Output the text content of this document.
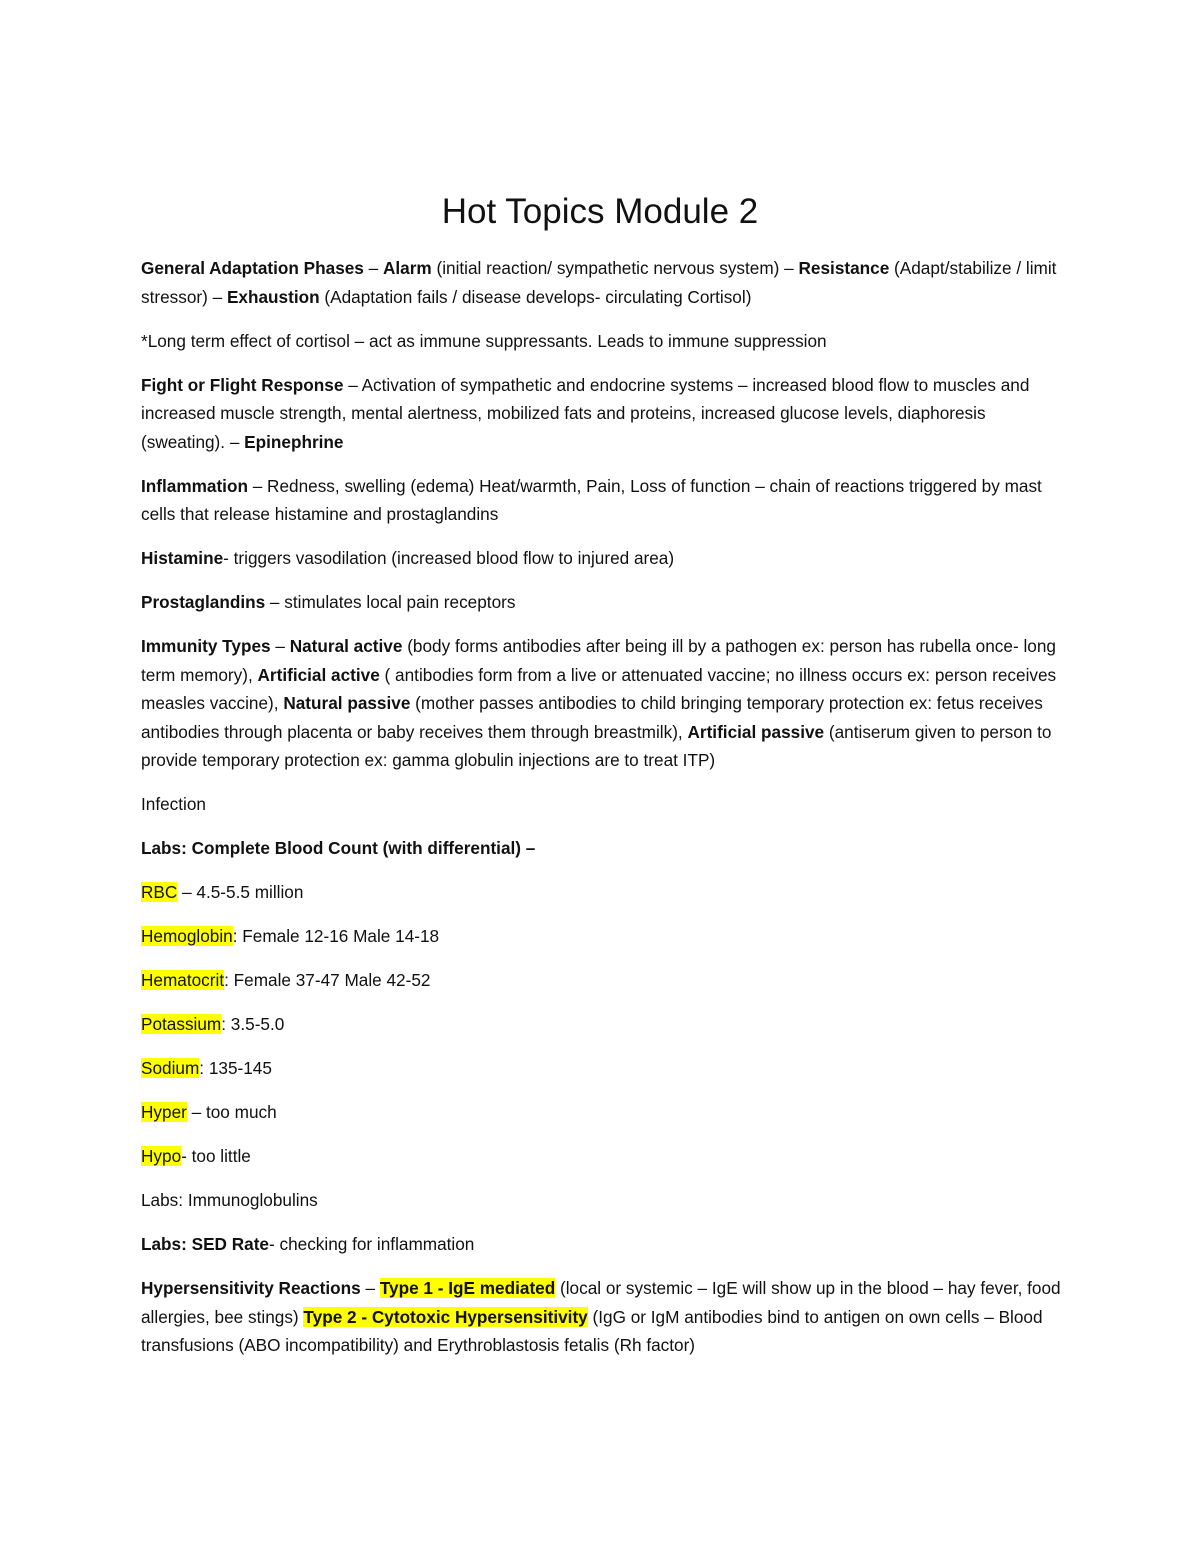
Hot Topics Module 2

General Adaptation Phases – Alarm (initial reaction/ sympathetic nervous system) – Resistance (Adapt/stabilize / limit stressor) – Exhaustion (Adaptation fails / disease develops- circulating Cortisol)

*Long term effect of cortisol – act as immune suppressants. Leads to immune suppression

Fight or Flight Response – Activation of sympathetic and endocrine systems – increased blood flow to muscles and increased muscle strength, mental alertness, mobilized fats and proteins, increased glucose levels, diaphoresis (sweating). – Epinephrine

Inflammation – Redness, swelling (edema) Heat/warmth, Pain, Loss of function – chain of reactions triggered by mast cells that release histamine and prostaglandins

Histamine- triggers vasodilation (increased blood flow to injured area)

Prostaglandins – stimulates local pain receptors

Immunity Types – Natural active (body forms antibodies after being ill by a pathogen ex: person has rubella once- long term memory), Artificial active ( antibodies form from a live or attenuated vaccine; no illness occurs ex: person receives measles vaccine), Natural passive (mother passes antibodies to child bringing temporary protection ex: fetus receives antibodies through placenta or baby receives them through breastmilk), Artificial passive (antiserum given to person to provide temporary protection ex: gamma globulin injections are to treat ITP)

Infection

Labs: Complete Blood Count (with differential) –

RBC – 4.5-5.5 million

Hemoglobin: Female 12-16 Male 14-18

Hematocrit: Female 37-47 Male 42-52

Potassium: 3.5-5.0

Sodium: 135-145

Hyper – too much

Hypo- too little

Labs: Immunoglobulins

Labs: SED Rate- checking for inflammation

Hypersensitivity Reactions – Type 1 - IgE mediated (local or systemic – IgE will show up in the blood – hay fever, food allergies, bee stings) Type 2 - Cytotoxic Hypersensitivity (IgG or IgM antibodies bind to antigen on own cells – Blood transfusions (ABO incompatibility) and Erythroblastosis fetalis (Rh factor)
